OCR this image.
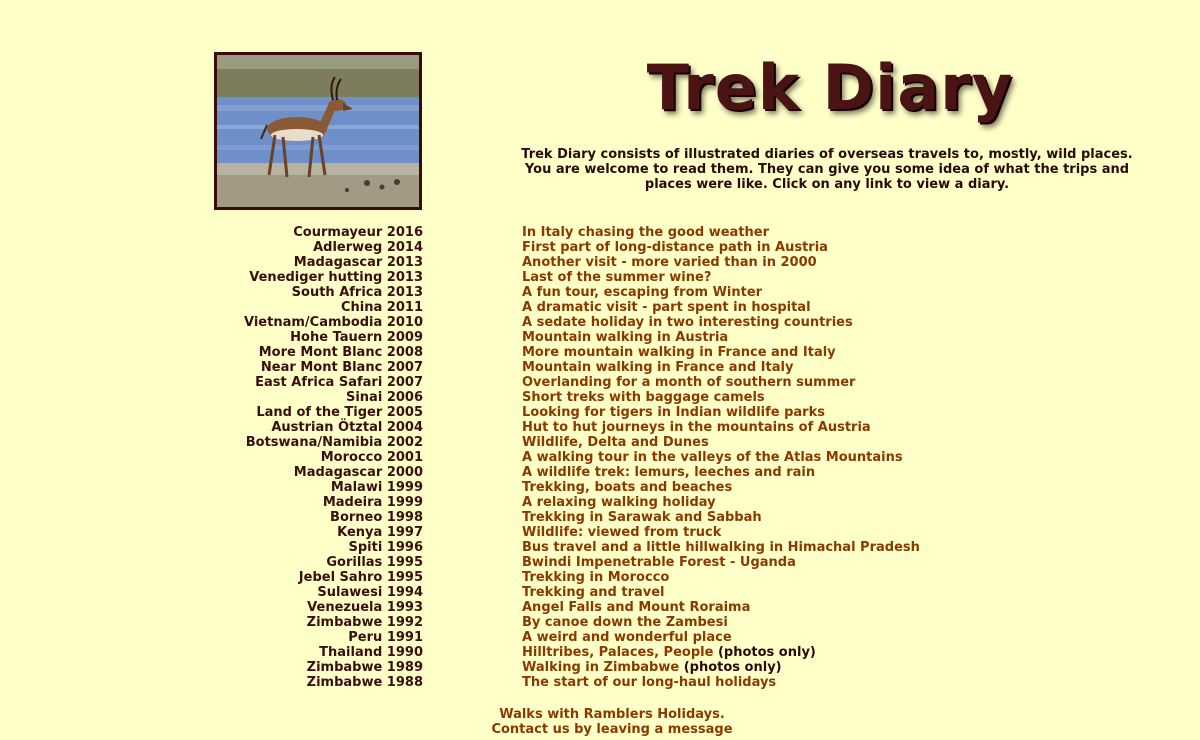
Trek Diary
Trek Diary consists of illustrated diaries of overseas travels to, mostly, wild places. You are welcome to read them. They can give you some idea of what the trips and places were like. Click on any link to view a diary.
Courmayeur 2016
Adlerweg 2014
Madagascar 2013
Venediger hutting 2013
South Africa 2013
China 2011
Vietnam/Cambodia 2010
Hohe Tauern 2009
More Mont Blanc 2008
Near Mont Blanc 2007
East Africa Safari 2007
Sinai 2006
Land of the Tiger 2005
Austrian Ötztal 2004
Botswana/Namibia 2002
Morocco 2001
Madagascar 2000
Malawi 1999
Madeira 1999
Borneo 1998
Kenya 1997
Spiti 1996
Gorillas 1995
Jebel Sahro 1995
Sulawesi 1994
Venezuela 1993
Zimbabwe 1992
Peru 1991
Thailand 1990
Zimbabwe 1989
Zimbabwe 1988
In Italy chasing the good weather
First part of long-distance path in Austria
Another visit - more varied than in 2000
Last of the summer wine?
A fun tour, escaping from Winter
A dramatic visit - part spent in hospital
A sedate holiday in two interesting countries
Mountain walking in Austria
More mountain walking in France and Italy
Mountain walking in France and Italy
Overlanding for a month of southern summer
Short treks with baggage camels
Looking for tigers in Indian wildlife parks
Hut to hut journeys in the mountains of Austria
Wildlife, Delta and Dunes
A walking tour in the valleys of the Atlas Mountains
A wildlife trek: lemurs, leeches and rain
Trekking, boats and beaches
A relaxing walking holiday
Trekking in Sarawak and Sabbah
Wildlife: viewed from truck
Bus travel and a little hillwalking in Himachal Pradesh
Bwindi Impenetrable Forest - Uganda
Trekking in Morocco
Trekking and travel
Angel Falls and Mount Roraima
By canoe down the Zambesi
A weird and wonderful place
Hilltribes, Palaces, People (photos only)
Walking in Zimbabwe (photos only)
The start of our long-haul holidays
Walks with Ramblers Holidays.
Contact us by leaving a message
